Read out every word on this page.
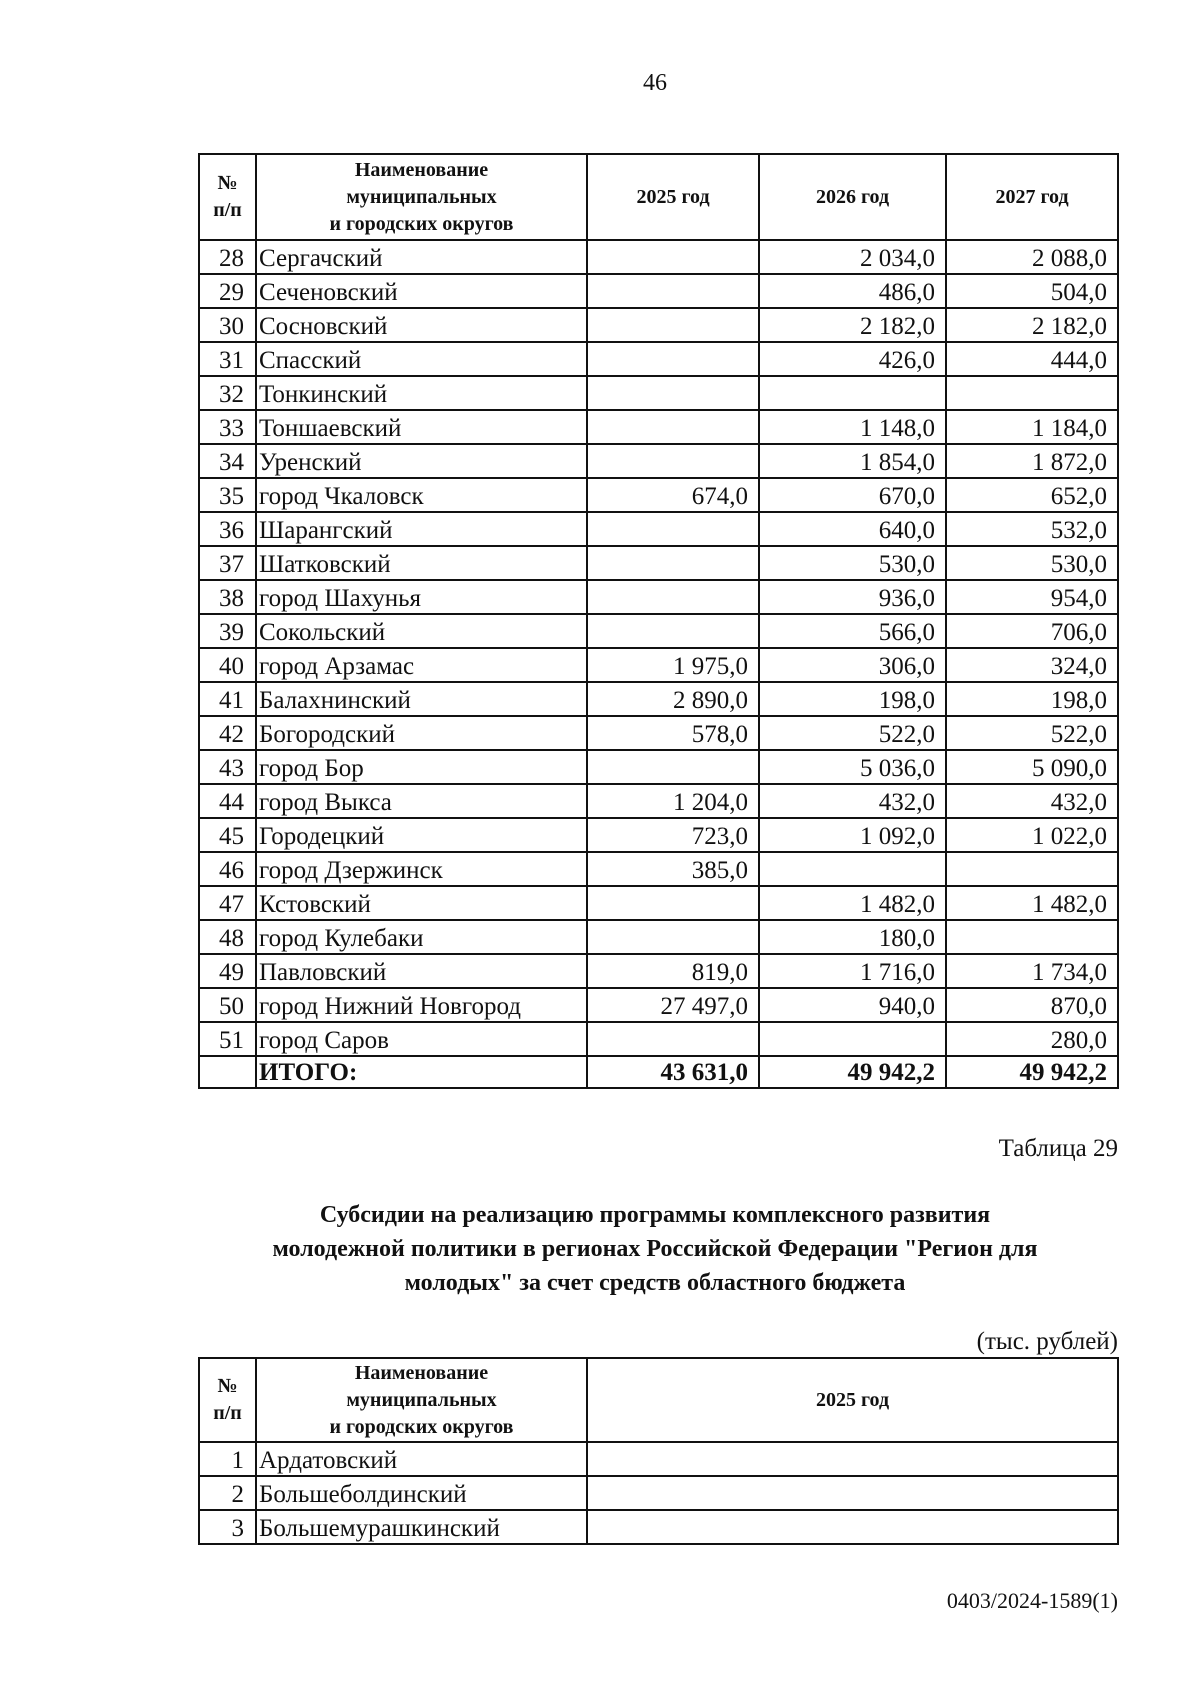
46
№
п/п	Наименование
муниципальных
и городских округов	2025 год	2026 год	2027 год
28	Сергачский		2 034,0	2 088,0
29	Сеченовский		486,0	504,0
30	Сосновский		2 182,0	2 182,0
31	Спасский		426,0	444,0
32	Тонкинский			
33	Тоншаевский		1 148,0	1 184,0
34	Уренский		1 854,0	1 872,0
35	город Чкаловск	674,0	670,0	652,0
36	Шарангский		640,0	532,0
37	Шатковский		530,0	530,0
38	город Шахунья		936,0	954,0
39	Сокольский		566,0	706,0
40	город Арзамас	1 975,0	306,0	324,0
41	Балахнинский	2 890,0	198,0	198,0
42	Богородский	578,0	522,0	522,0
43	город Бор		5 036,0	5 090,0
44	город Выкса	1 204,0	432,0	432,0
45	Городецкий	723,0	1 092,0	1 022,0
46	город Дзержинск	385,0		
47	Кстовский		1 482,0	1 482,0
48	город Кулебаки		180,0	
49	Павловский	819,0	1 716,0	1 734,0
50	город Нижний Новгород	27 497,0	940,0	870,0
51	город Саров			280,0
	ИТОГО:	43 631,0	49 942,2	49 942,2
Таблица 29
Субсидии на реализацию программы комплексного развития
молодежной политики в регионах Российской Федерации "Регион для
молодых" за счет средств областного бюджета
(тыс. рублей)
№
п/п	Наименование
муниципальных
и городских округов	2025 год
1	Ардатовский	
2	Большеболдинский	
3	Большемурашкинский	
0403/2024-1589(1)
